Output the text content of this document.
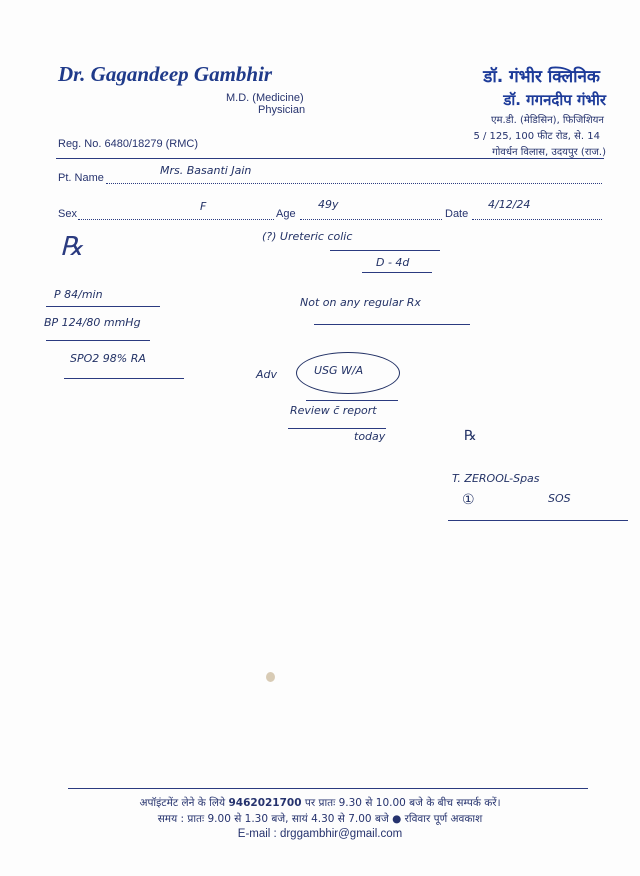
Dr. Gagandeep Gambhir
M.D. (Medicine)
Physician
Reg. No. 6480/18279 (RMC)
डॉ. गंभीर क्लिनिक
डॉ. गगनदीप गंभीर
एम.डी. (मेडिसिन), फिजिशियन
5 / 125, 100 फीट रोड, से. 14
गोवर्धन विलास, उदयपुर (राज.)
Pt. Name
Mrs. Basanti Jain
Sex
F
Age
49y
Date
4/12/24
℞
P 84/min
BP 124/80 mmHg
SPO2 98% RA
(?) Ureteric colic
D - 4d
Not on any regular Rx
Adv	USG W/A
Review c̄ report
today	℞
T. ZEROOL-Spas
①	SOS
अपॉइंटमेंट लेने के लिये 9462021700 पर प्रातः 9.30 से 10.00 बजे के बीच सम्पर्क करें।
समय : प्रातः 9.00 से 1.30 बजे, सायं 4.30 से 7.00 बजे ● रविवार पूर्ण अवकाश
E-mail : drggambhir@gmail.com
